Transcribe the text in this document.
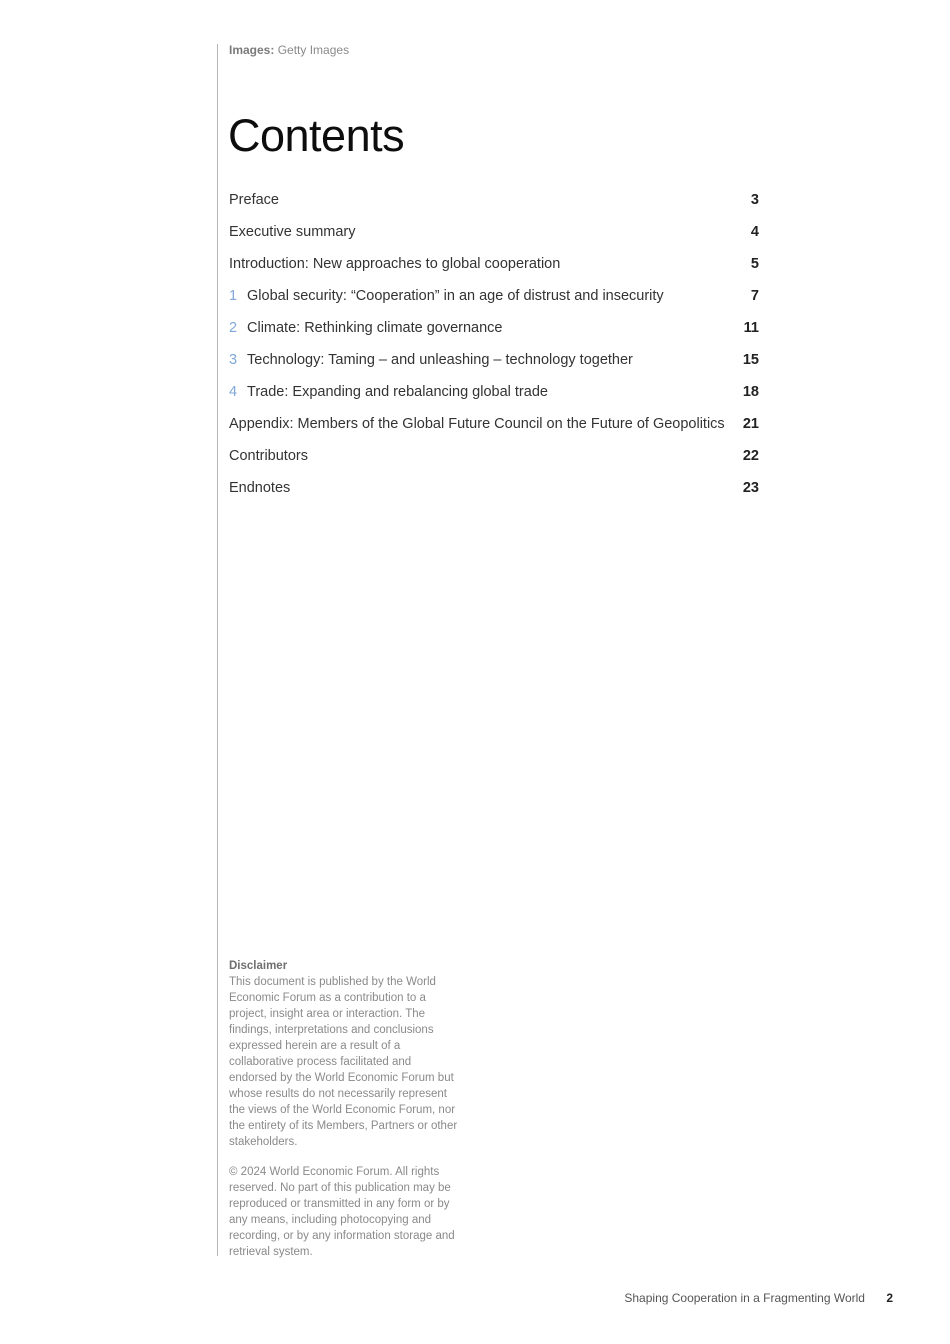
Images: Getty Images
Contents
Preface	3
Executive summary	4
Introduction: New approaches to global cooperation	5
1 Global security: “Cooperation” in an age of distrust and insecurity	7
2 Climate: Rethinking climate governance	11
3 Technology: Taming – and unleashing – technology together	15
4 Trade: Expanding and rebalancing global trade	18
Appendix: Members of the Global Future Council on the Future of Geopolitics	21
Contributors	22
Endnotes	23

Disclaimer

This document is published by the World Economic Forum as a contribution to a project, insight area or interaction. The findings, interpretations and conclusions expressed herein are a result of a collaborative process facilitated and endorsed by the World Economic Forum but whose results do not necessarily represent the views of the World Economic Forum, nor the entirety of its Members, Partners or other stakeholders.

© 2024 World Economic Forum. All rights reserved. No part of this publication may be reproduced or transmitted in any form or by any means, including photocopying and recording, or by any information storage and retrieval system.

Shaping Cooperation in a Fragmenting World 2
